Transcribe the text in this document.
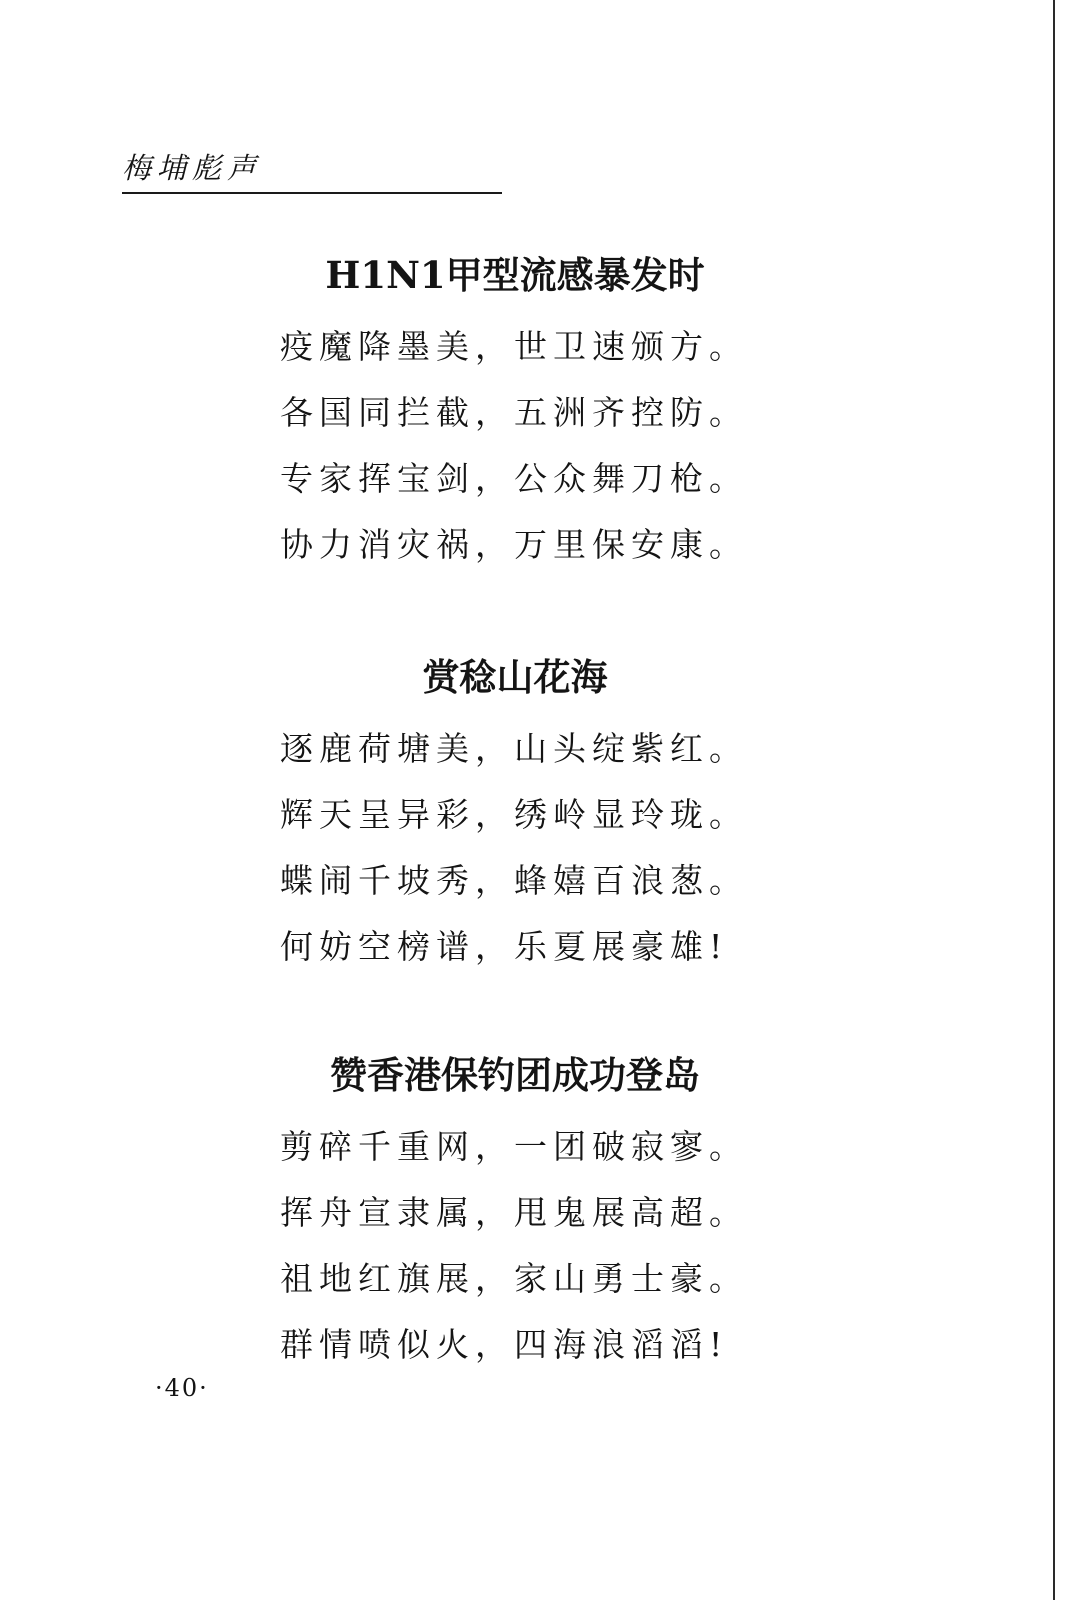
梅埔彪声
H1N1甲型流感暴发时
疫魔降墨美，世卫速颁方。
各国同拦截，五洲齐控防。
专家挥宝剑，公众舞刀枪。
协力消灾祸，万里保安康。
赏稔山花海
逐鹿荷塘美，山头绽紫红。
辉天呈异彩，绣岭显玲珑。
蝶闹千坡秀，蜂嬉百浪葱。
何妨空榜谱，乐夏展豪雄!
赞香港保钓团成功登岛
剪碎千重网，一团破寂寥。
挥舟宣隶属，甩鬼展高超。
祖地红旗展，家山勇士豪。
群情喷似火，四海浪滔滔!
·40·
